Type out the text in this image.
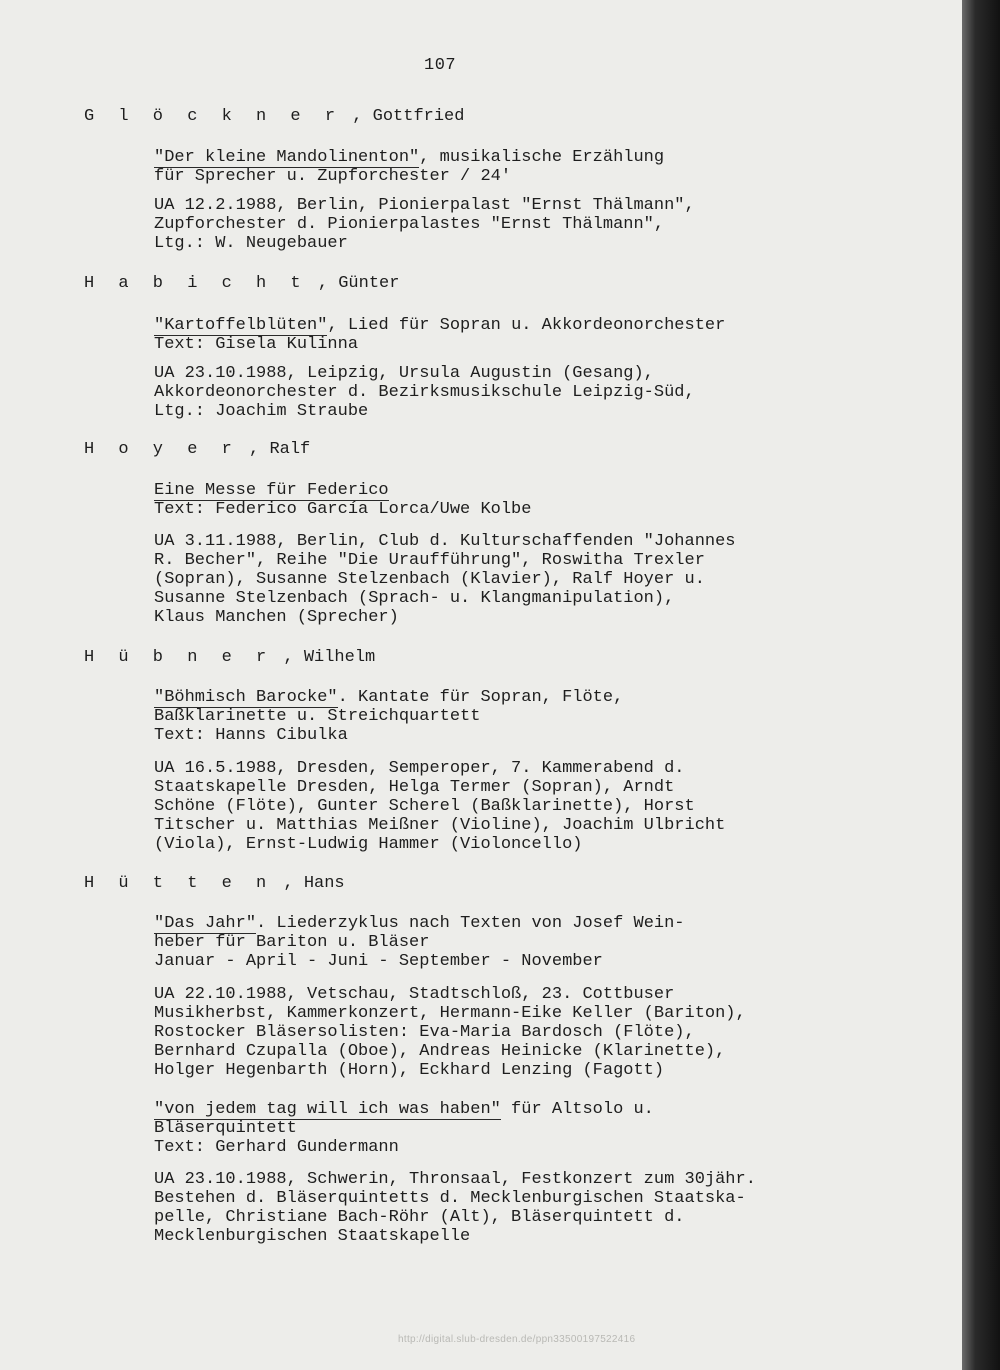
107
G l ö c k n e r , Gottfried
"Der kleine Mandolinenton", musikalische Erzählung
für Sprecher u. Zupforchester / 24'
UA 12.2.1988, Berlin, Pionierpalast "Ernst Thälmann",
Zupforchester d. Pionierpalastes "Ernst Thälmann",
Ltg.: W. Neugebauer
H a b i c h t , Günter
"Kartoffelblüten", Lied für Sopran u. Akkordeonorchester
Text: Gisela Kulinna
UA 23.10.1988, Leipzig, Ursula Augustin (Gesang),
Akkordeonorchester d. Bezirksmusikschule Leipzig-Süd,
Ltg.: Joachim Straube
H o y e r , Ralf
Eine Messe für Federico
Text: Federico García Lorca/Uwe Kolbe
UA 3.11.1988, Berlin, Club d. Kulturschaffenden "Johannes
R. Becher", Reihe "Die Uraufführung", Roswitha Trexler
(Sopran), Susanne Stelzenbach (Klavier), Ralf Hoyer u.
Susanne Stelzenbach (Sprach- u. Klangmanipulation),
Klaus Manchen (Sprecher)
H ü b n e r , Wilhelm
"Böhmisch Barocke". Kantate für Sopran, Flöte,
Baßklarinette u. Streichquartett
Text: Hanns Cibulka
UA 16.5.1988, Dresden, Semperoper, 7. Kammerabend d.
Staatskapelle Dresden, Helga Termer (Sopran), Arndt
Schöne (Flöte), Gunter Scherel (Baßklarinette), Horst
Titscher u. Matthias Meißner (Violine), Joachim Ulbricht
(Viola), Ernst-Ludwig Hammer (Violoncello)
H ü t t e n , Hans
"Das Jahr". Liederzyklus nach Texten von Josef Wein-
heber für Bariton u. Bläser
Januar - April - Juni - September - November
UA 22.10.1988, Vetschau, Stadtschloß, 23. Cottbuser
Musikherbst, Kammerkonzert, Hermann-Eike Keller (Bariton),
Rostocker Bläsersolisten: Eva-Maria Bardosch (Flöte),
Bernhard Czupalla (Oboe), Andreas Heinicke (Klarinette),
Holger Hegenbarth (Horn), Eckhard Lenzing (Fagott)
"von jedem tag will ich was haben" für Altsolo u.
Bläserquintett
Text: Gerhard Gundermann
UA 23.10.1988, Schwerin, Thronsaal, Festkonzert zum 30jähr.
Bestehen d. Bläserquintetts d. Mecklenburgischen Staatska-
pelle, Christiane Bach-Röhr (Alt), Bläserquintett d.
Mecklenburgischen Staatskapelle
http://digital.slub-dresden.de/ppn33500197522416
